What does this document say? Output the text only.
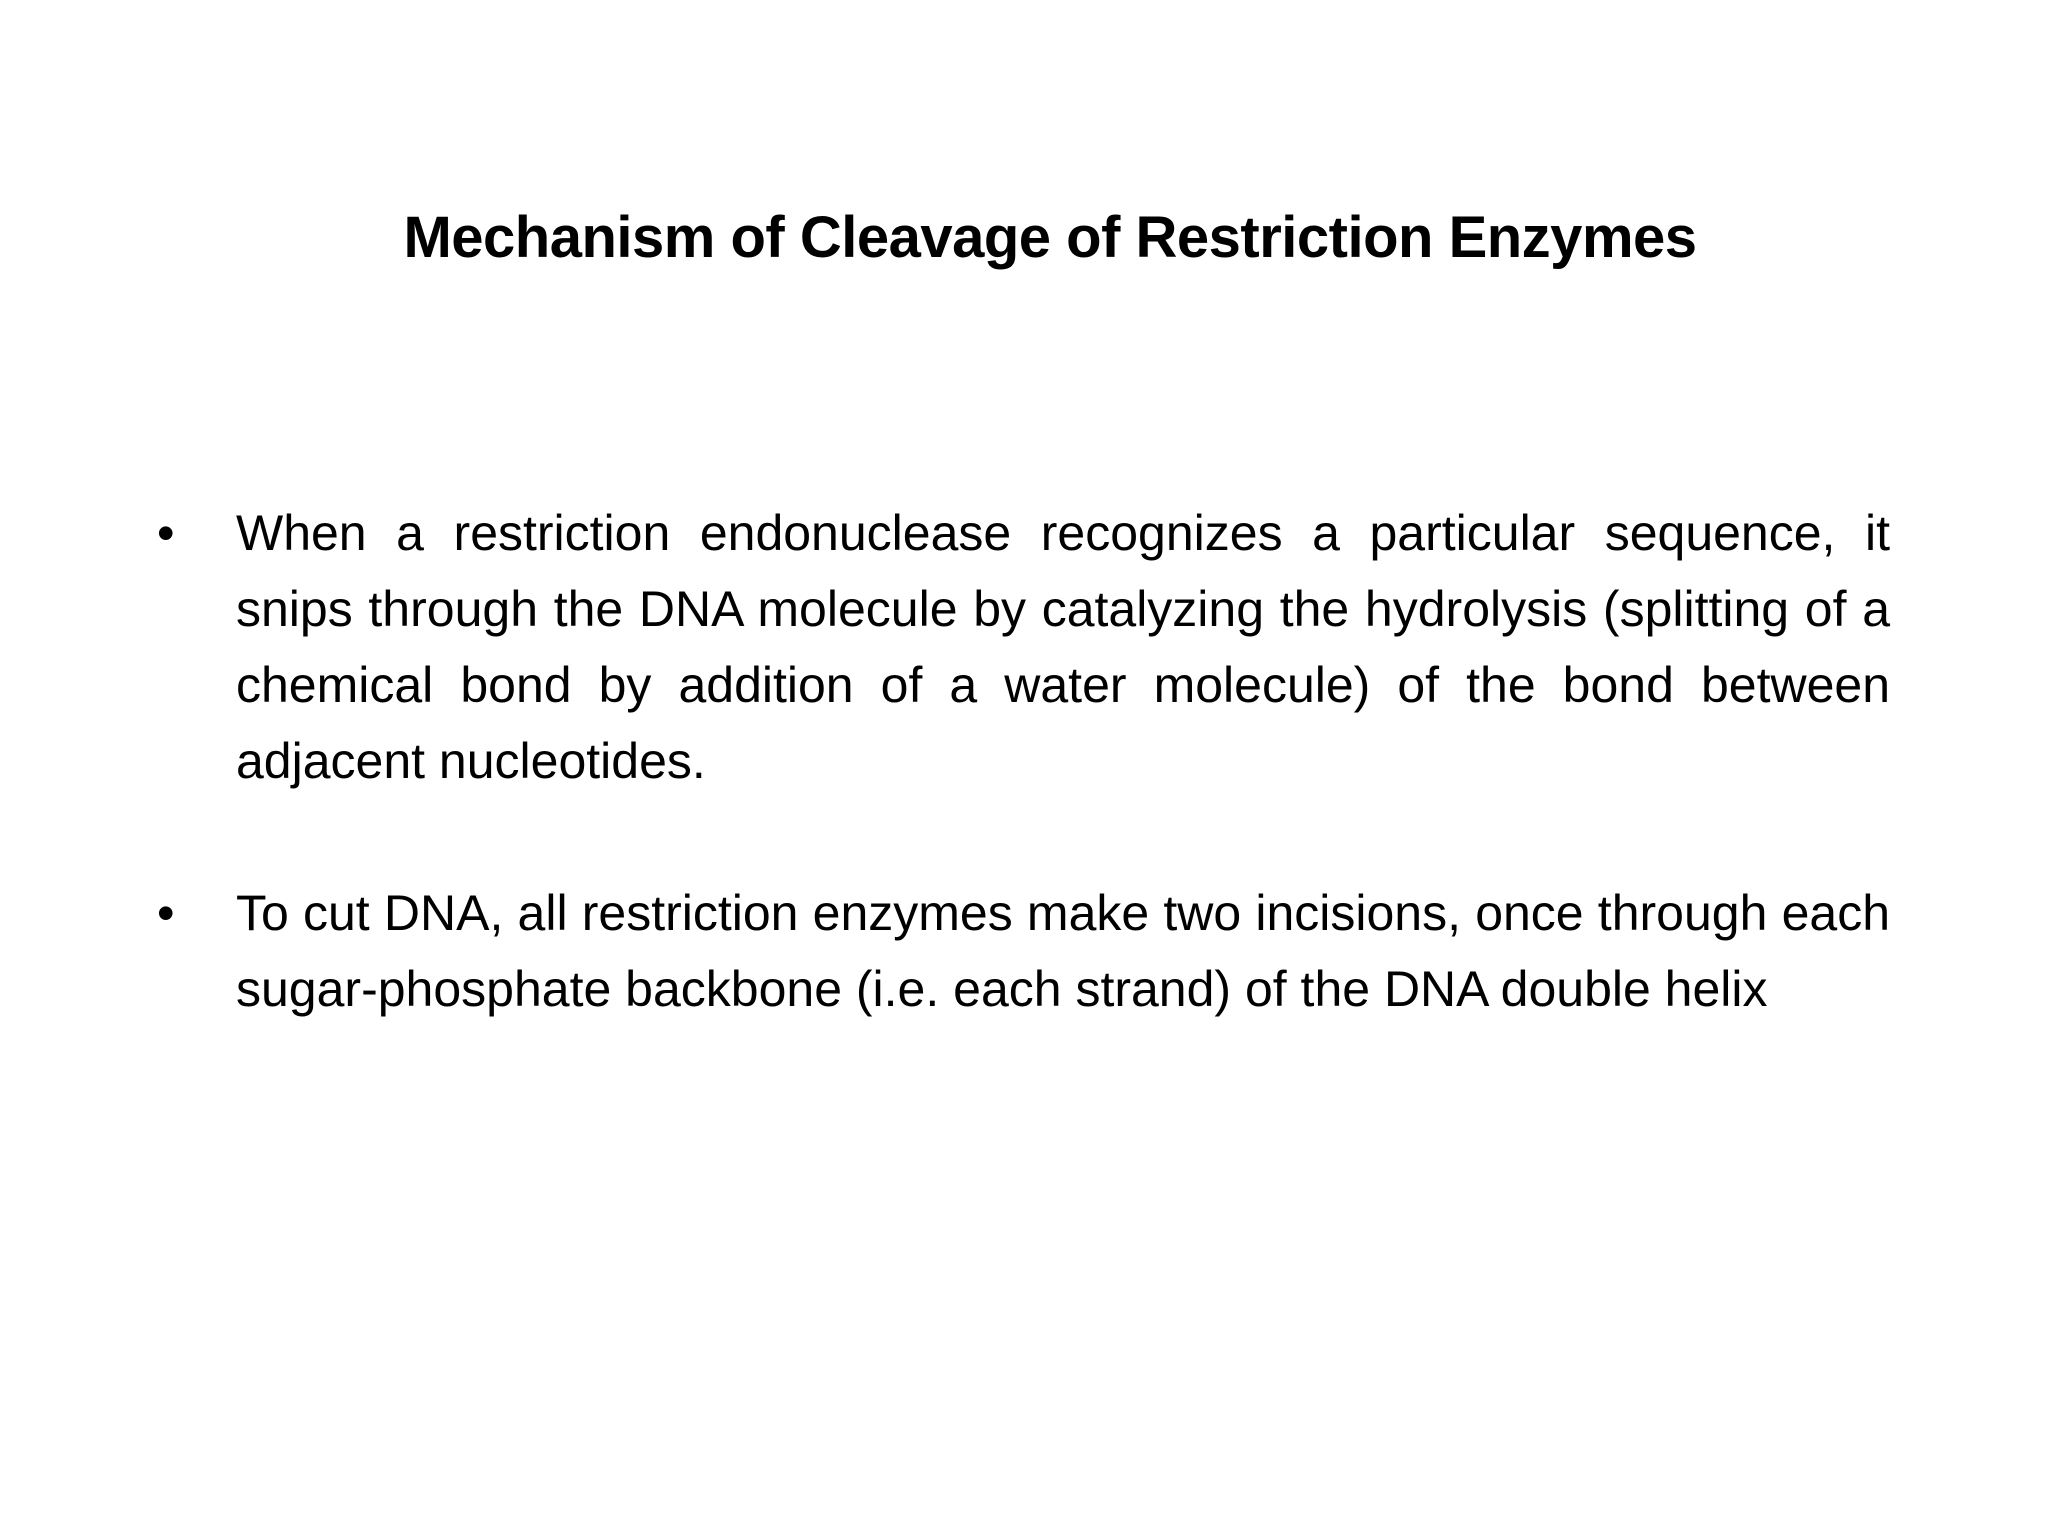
Mechanism of Cleavage of Restriction Enzymes
• When a restriction endonuclease recognizes a particular sequence, it snips through the DNA molecule by catalyzing the hydrolysis (splitting of a chemical bond by addition of a water molecule) of the bond between adjacent nucleotides.
• To cut DNA, all restriction enzymes make two incisions, once through each sugar-phosphate backbone (i.e. each strand) of the DNA double helix
